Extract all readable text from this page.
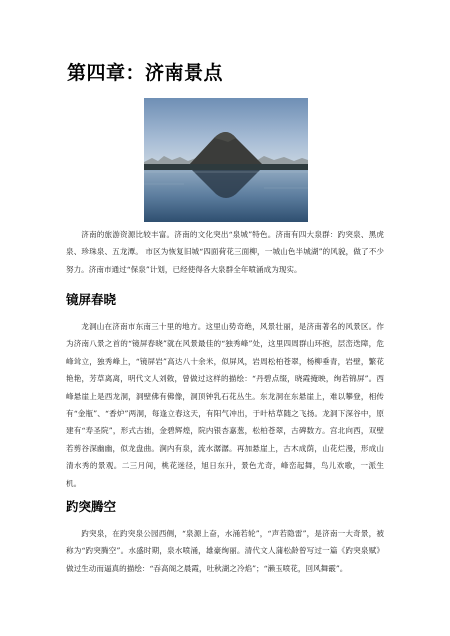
第四章：济南景点

济南的旅游资源比较丰富。济南的文化突出“泉城”特色。济南有四大泉群：趵突泉、黑虎泉、珍珠泉、五龙潭。 市区为恢复旧城“四面荷花三面柳，一城山色半城湖”的风貌，做了不少努力。济南市通过“保泉”计划，已经使得各大泉群全年喷涌成为现实。

镜屏春晓

龙洞山在济南市东南三十里的地方。这里山势奇绝，风景壮丽，是济南著名的风景区。作为济南八景之首的“镜屏春晓”就在风景最佳的“独秀峰”处，这里四周群山环抱，层峦迭障，危峰耸立，独秀峰上，“镜屏岩”高达八十余米，似屏风，岩周松柏苍翠，杨柳垂青，岩壁，繁花艳艳，芳草离离，明代文人刘敕，曾做过这样的描绘：“丹碧点缀，晓霞掩映，绚若锦屏”。西峰悬崖上是西龙洞，洞壁佛有佛像，洞顶钟乳石花丛生。东龙洞在东悬崖上，难以攀登，相传有“金瓶”、“香炉”两洞，每逢立春这天，有阳气冲出，于叶枯草随之飞扬。龙洞下深谷中，原建有“寿圣院”，形式古拙，金碧辉煌，院内银杏嘉葱，松柏苍翠，古碑数方。宫北向西，双壁若剪谷深幽幽，似龙盘曲。涧内有泉，流水潺潺。再加悬崖上，古木成荫，山花烂漫，形成山清水秀的景观。二三月间，桃花迷径，旭日东升，景色尤奇，峰峦起舞，鸟儿欢歌，一派生机。

趵突腾空

趵突泉，在趵突泉公园西侧，“泉源上奋，水涌若轮”，“声若隐雷”，是济南一大奇景，被称为“趵突腾空”。水盛时期，泉水喷涌，雄豪绚丽。清代文人蒲松龄曾写过一篇《趵突泉赋》做过生动而逼真的描绘：“吞高阁之晨霞，吐秋湖之冷焰”；“濑玉喷花，回风舞霰”。
